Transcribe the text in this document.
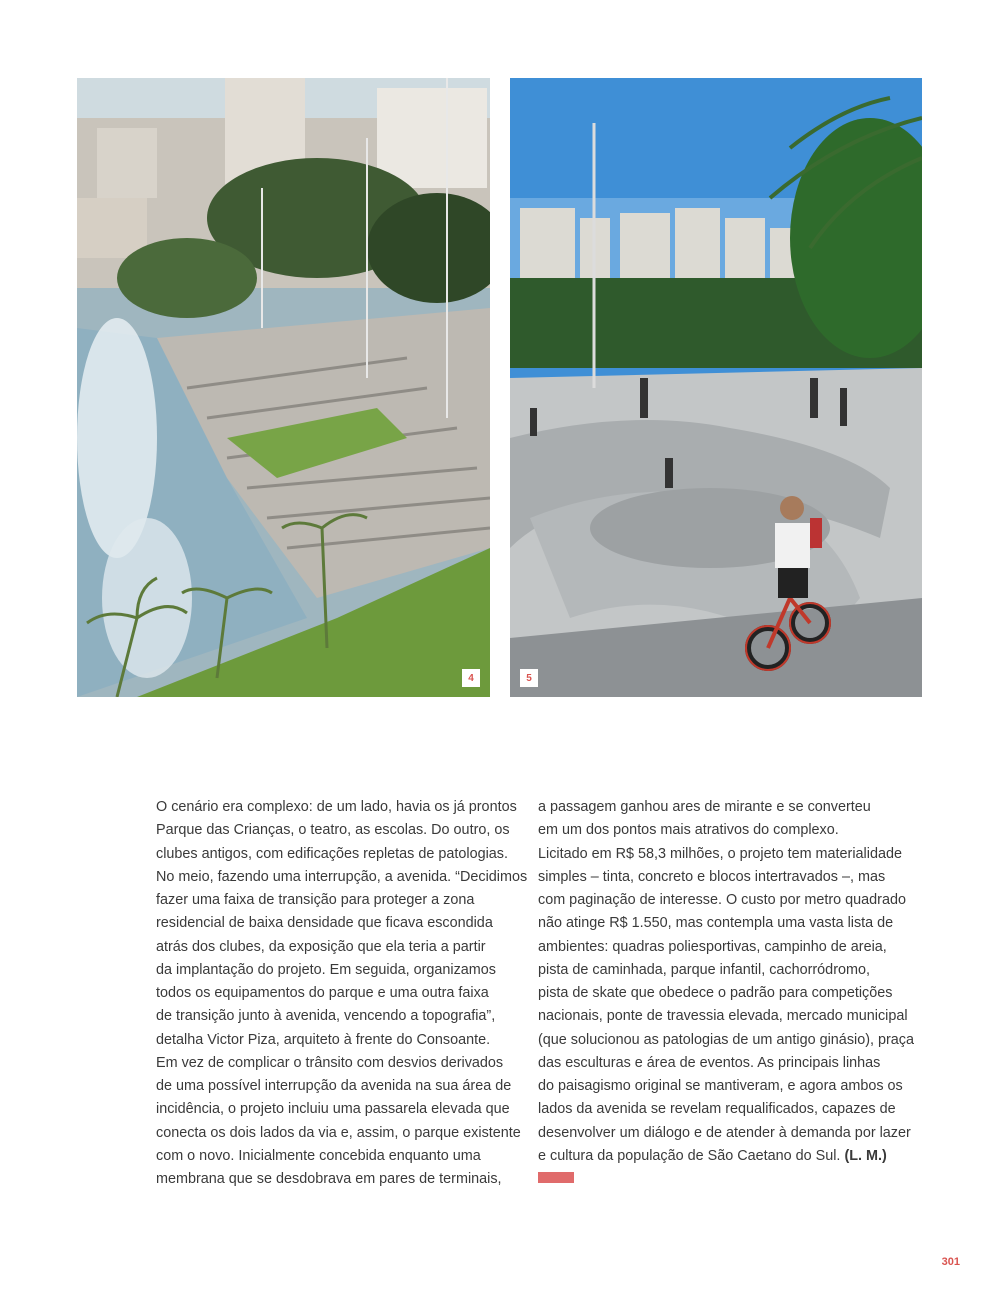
4	5
O cenário era complexo: de um lado, havia os já prontos
Parque das Crianças, o teatro, as escolas. Do outro, os
clubes antigos, com edificações repletas de patologias.
No meio, fazendo uma interrupção, a avenida. “Decidimos
fazer uma faixa de transição para proteger a zona
residencial de baixa densidade que ficava escondida
atrás dos clubes, da exposição que ela teria a partir
da implantação do projeto. Em seguida, organizamos
todos os equipamentos do parque e uma outra faixa
de transição junto à avenida, vencendo a topografia”,
detalha Victor Piza, arquiteto à frente do Consoante.
Em vez de complicar o trânsito com desvios derivados
de uma possível interrupção da avenida na sua área de
incidência, o projeto incluiu uma passarela elevada que
conecta os dois lados da via e, assim, o parque existente
com o novo. Inicialmente concebida enquanto uma
membrana que se desdobrava em pares de terminais,
a passagem ganhou ares de mirante e se converteu
em um dos pontos mais atrativos do complexo.
Licitado em R$ 58,3 milhões, o projeto tem materialidade
simples – tinta, concreto e blocos intertravados –, mas
com paginação de interesse. O custo por metro quadrado
não atinge R$ 1.550, mas contempla uma vasta lista de
ambientes: quadras poliesportivas, campinho de areia,
pista de caminhada, parque infantil, cachorródromo,
pista de skate que obedece o padrão para competições
nacionais, ponte de travessia elevada, mercado municipal
(que solucionou as patologias de um antigo ginásio), praça
das esculturas e área de eventos. As principais linhas
do paisagismo original se mantiveram, e agora ambos os
lados da avenida se revelam requalificados, capazes de
desenvolver um diálogo e de atender à demanda por lazer
e cultura da população de São Caetano do Sul. (L. M.)
301
